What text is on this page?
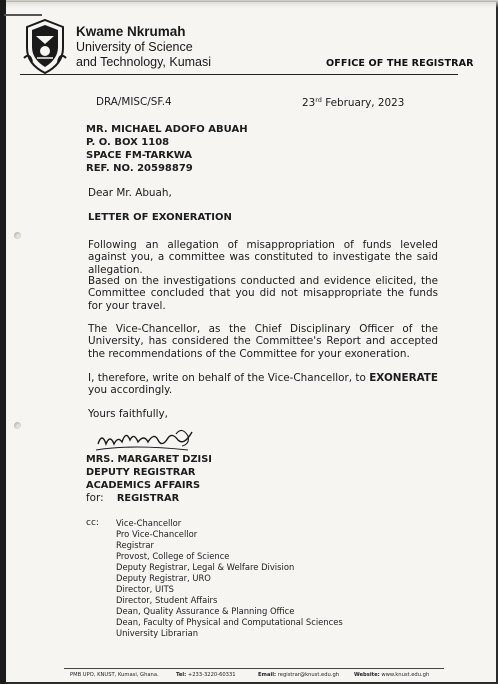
Kwame Nkrumah
University of Science
and Technology, Kumasi	OFFICE OF THE REGISTRAR
DRA/MISC/SF.4	23rd February, 2023
MR. MICHAEL ADOFO ABUAH
P. O. BOX 1108
SPACE FM-TARKWA
REF. NO. 20598879
Dear Mr. Abuah,
LETTER OF EXONERATION
Following an allegation of misappropriation of funds leveled against you, a committee was constituted to investigate the said allegation.
Based on the investigations conducted and evidence elicited, the Committee concluded that you did not misappropriate the funds for your travel.
The Vice-Chancellor, as the Chief Disciplinary Officer of the University, has considered the Committee's Report and accepted the recommendations of the Committee for your exoneration.
I, therefore, write on behalf of the Vice-Chancellor, to EXONERATE you accordingly.
Yours faithfully,
MRS. MARGARET DZISI
DEPUTY REGISTRAR
ACADEMICS AFFAIRS
for: REGISTRAR
cc: Vice-Chancellor
Pro Vice-Chancellor
Registrar
Provost, College of Science
Deputy Registrar, Legal & Welfare Division
Deputy Registrar, URO
Director, UITS
Director, Student Affairs
Dean, Quality Assurance & Planning Office
Dean, Faculty of Physical and Computational Sciences
University Librarian
PMB UPO, KNUST, Kumasi, Ghana.	Tel: +233-3220-60331	Email: registrar@knust.edu.gh	Website: www.knust.edu.gh
